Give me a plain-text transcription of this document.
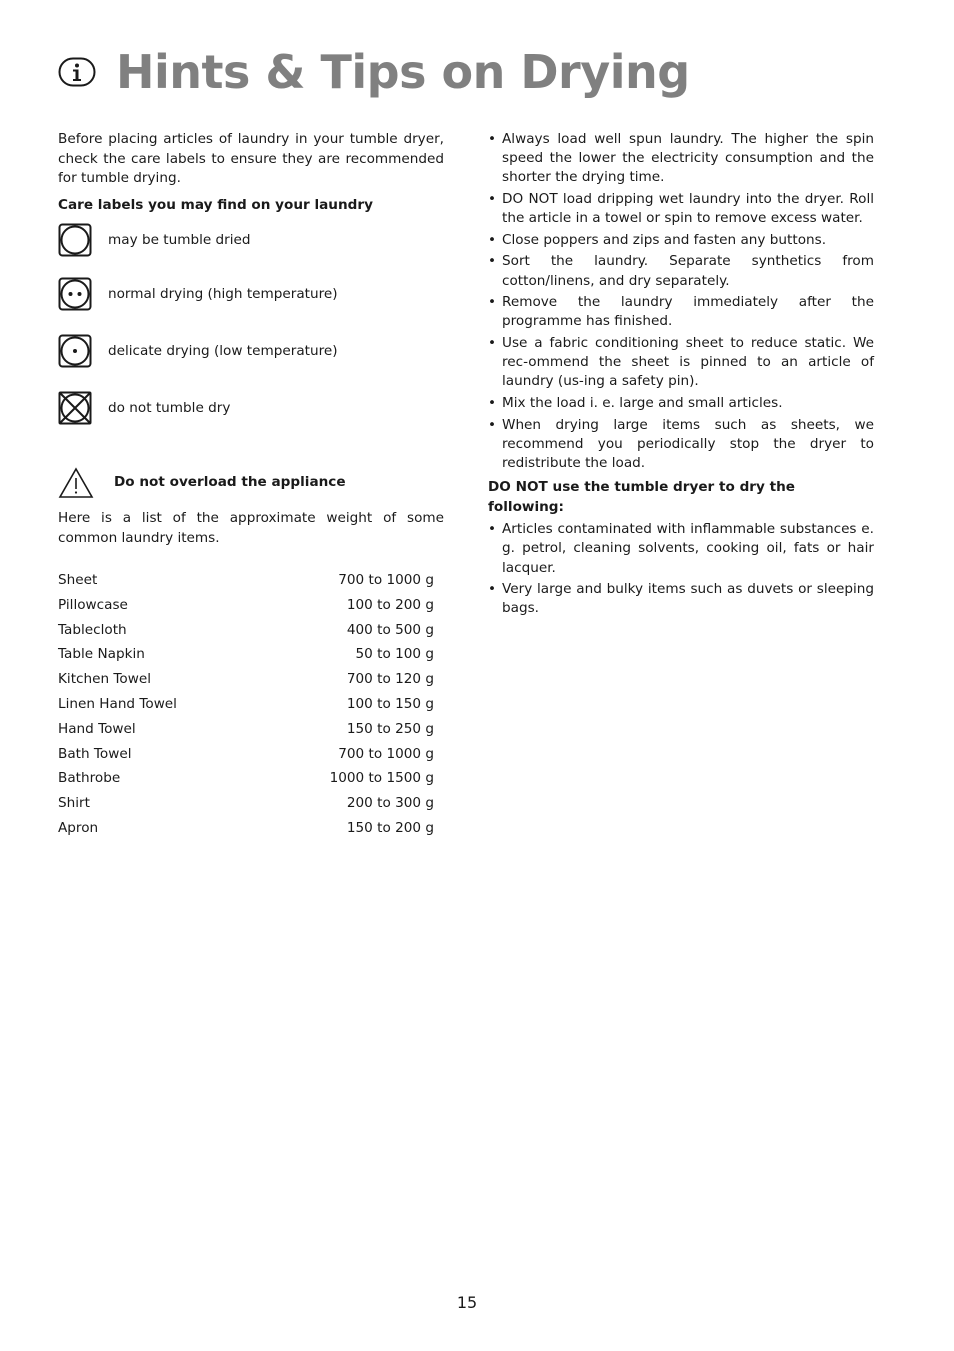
Hints & Tips on Drying

Before placing articles of laundry in your tumble dryer, check the care labels to ensure they are recommended for tumble drying.

Care labels you may find on your laundry

may be tumble dried
normal drying (high temperature)
delicate drying (low temperature)
do not tumble dry
Do not overload the appliance

Here is a list of the approximate weight of some common laundry items.

Sheet	700 to 1000 g
Pillowcase	100 to 200 g
Tablecloth	400 to 500 g
Table Napkin	50 to 100 g
Kitchen Towel	700 to 120 g
Linen Hand Towel	100 to 150 g
Hand Towel	150 to 250 g
Bath Towel	700 to 1000 g
Bathrobe	1000 to 1500 g
Shirt	200 to 300 g
Apron	150 to 200 g
• Always load well spun laundry. The higher the spin speed the lower the electricity consumption and the shorter the drying time.
• DO NOT load dripping wet laundry into the dryer. Roll the article in a towel or spin to remove excess water.
• Close poppers and zips and fasten any buttons.
• Sort the laundry. Separate synthetics from cotton/linens, and dry separately.
• Remove the laundry immediately after the programme has finished.
• Use a fabric conditioning sheet to reduce static. We rec-ommend the sheet is pinned to an article of laundry (us-ing a safety pin).
• Mix the load i. e. large and small articles.
• When drying large items such as sheets, we recommend you periodically stop the dryer to redistribute the load.

DO NOT use the tumble dryer to dry the following:

• Articles contaminated with inflammable substances e. g. petrol, cleaning solvents, cooking oil, fats or hair lacquer.
• Very large and bulky items such as duvets or sleeping bags.
15
